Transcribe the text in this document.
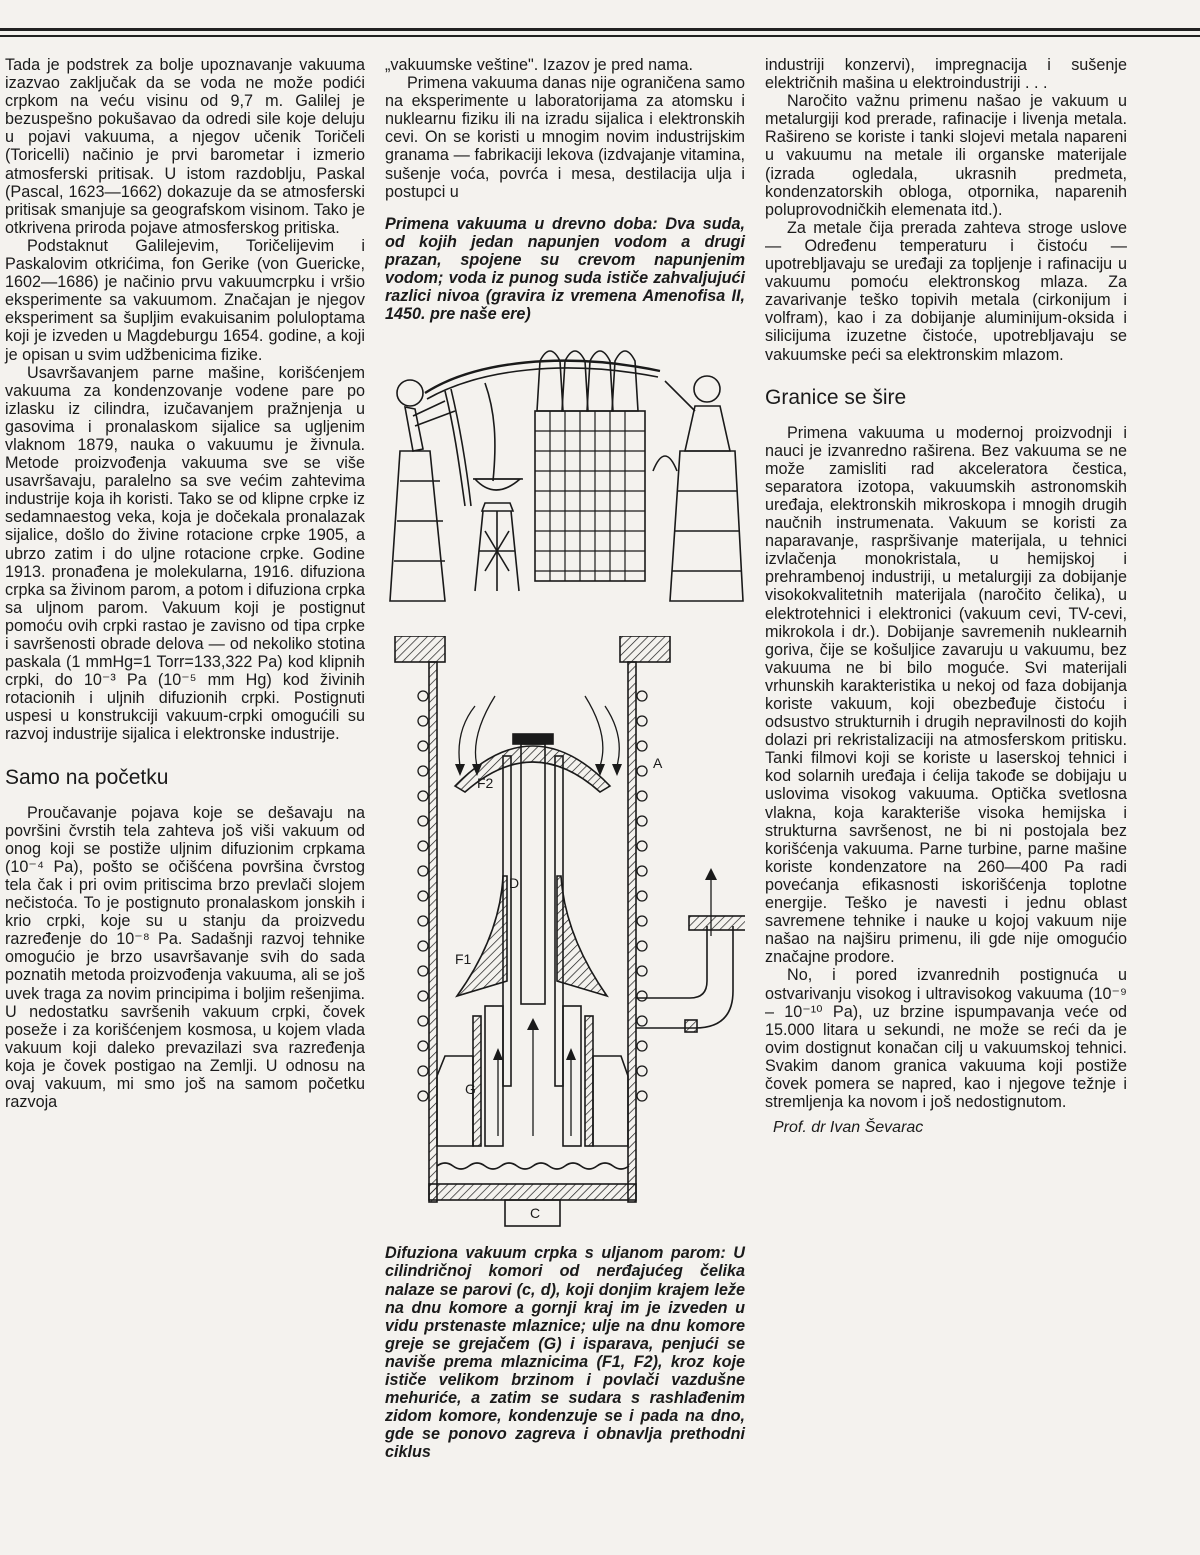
Tada je podstrek za bolje upoznavanje vakuuma izazvao zaključak da se voda ne može podići crpkom na veću visinu od 9,7 m. Galilej je bezuspešno pokušavao da odredi sile koje deluju u pojavi vakuuma, a njegov učenik Toričeli (Toricelli) načinio je prvi barometar i izmerio atmosferski pritisak. U istom razdoblju, Paskal (Pascal, 1623—1662) dokazuje da se atmosferski pritisak smanjuje sa geografskom visinom. Tako je otkrivena priroda pojave atmosferskog pritiska.

Podstaknut Galilejevim, Toričelijevim i Paskalovim otkrićima, fon Gerike (von Guericke, 1602—1686) je načinio prvu vakuumcrpku i vršio eksperimente sa vakuumom. Značajan je njegov eksperiment sa šupljim evakuisanim poluloptama koji je izveden u Magdeburgu 1654. godine, a koji je opisan u svim udžbenicima fizike.

Usavršavanjem parne mašine, korišćenjem vakuuma za kondenzovanje vodene pare po izlasku iz cilindra, izučavanjem pražnjenja u gasovima i pronalaskom sijalice sa ugljenim vlaknom 1879, nauka o vakuumu je živnula. Metode proizvođenja vakuuma sve se više usavršavaju, paralelno sa sve većim zahtevima industrije koja ih koristi. Tako se od klipne crpke iz sedamnaestog veka, koja je dočekala pronalazak sijalice, došlo do živine rotacione crpke 1905, a ubrzo zatim i do uljne rotacione crpke. Godine 1913. pronađena je molekularna, 1916. difuziona crpka sa živinom parom, a potom i difuziona crpka sa uljnom parom. Vakuum koji je postignut pomoću ovih crpki rastao je zavisno od tipa crpke i savršenosti obrade delova — od nekoliko stotina paskala (1 mmHg=1 Torr=133,322 Pa) kod klipnih crpki, do 10⁻³ Pa (10⁻⁵ mm Hg) kod živinih rotacionih i uljnih difuzionih crpki. Postignuti uspesi u konstrukciji vakuum-crpki omogućili su razvoj industrije sijalica i elektronske industrije.

Samo na početku

Proučavanje pojava koje se dešavaju na površini čvrstih tela zahteva još viši vakuum od onog koji se postiže uljnim difuzionim crpkama (10⁻⁴ Pa), pošto se očišćena površina čvrstog tela čak i pri ovim pritiscima brzo prevlači slojem nečistoća. To je postignuto pronalaskom jonskih i krio crpki, koje su u stanju da proizvedu razređenje do 10⁻⁸ Pa. Sadašnji razvoj tehnike omogućio je brzo usavršavanje svih do sada poznatih metoda proizvođenja vakuuma, ali se još uvek traga za novim principima i boljim rešenjima. U nedostatku savršenih vakuum crpki, čovek poseže i za korišćenjem kosmosa, u kojem vlada vakuum koji daleko prevazilazi sva razređenja koja je čovek postigao na Zemlji. U odnosu na ovaj vakuum, mi smo još na samom početku razvoja

„vakuumske veštine". Izazov je pred nama.

Primena vakuuma danas nije ograničena samo na eksperimente u laboratorijama za atomsku i nuklearnu fiziku ili na izradu sijalica i elektronskih cevi. On se koristi u mnogim novim industrijskim granama — fabrikaciji lekova (izdvajanje vitamina, sušenje voća, povrća i mesa, destilacija ulja i postupci u

Primena vakuuma u drevno doba: Dva suda, od kojih jedan napunjen vodom a drugi prazan, spojene su crevom napunjenim vodom; voda iz punog suda ističe zahvaljujući razlici nivoa (gravira iz vremena Amenofisa II, 1450. pre naše ere)

A
F2
D
F1
G
C

Difuziona vakuum crpka s uljanom parom: U cilindričnoj komori od nerđajućeg čelika nalaze se parovi (c, d), koji donjim krajem leže na dnu komore a gornji kraj im je izveden u vidu prstenaste mlaznice; ulje na dnu komore greje se grejačem (G) i isparava, penjući se naviše prema mlaznicima (F1, F2), kroz koje ističe velikom brzinom i povlači vazdušne mehuriće, a zatim se sudara s rashlađenim zidom komore, kondenzuje se i pada na dno, gde se ponovo zagreva i obnavlja prethodni ciklus

industriji konzervi), impregnacija i sušenje električnih mašina u elektroindustriji . . .

Naročito važnu primenu našao je vakuum u metalurgiji kod prerade, rafinacije i livenja metala. Rašireno se koriste i tanki slojevi metala napareni u vakuumu na metale ili organske materijale (izrada ogledala, ukrasnih predmeta, kondenzatorskih obloga, otpornika, naparenih poluprovodničkih elemenata itd.).

Za metale čija prerada zahteva stroge uslove — Određenu temperaturu i čistoću — upotrebljavaju se uređaji za topljenje i rafinaciju u vakuumu pomoću elektronskog mlaza. Za zavarivanje teško topivih metala (cirkonijum i volfram), kao i za dobijanje aluminijum-oksida i silicijuma izuzetne čistoće, upotrebljavaju se vakuumske peći sa elektronskim mlazom.

Granice se šire

Primena vakuuma u modernoj proizvodnji i nauci je izvanredno raširena. Bez vakuuma se ne može zamisliti rad akceleratora čestica, separatora izotopa, vakuumskih astronomskih uređaja, elektronskih mikroskopa i mnogih drugih naučnih instrumenata. Vakuum se koristi za naparavanje, raspršivanje materijala, u tehnici izvlačenja monokristala, u hemijskoj i prehrambenoj industriji, u metalurgiji za dobijanje visokokvalitetnih materijala (naročito čelika), u elektrotehnici i elektronici (vakuum cevi, TV-cevi, mikrokola i dr.). Dobijanje savremenih nuklearnih goriva, čije se košuljice zavaruju u vakuumu, bez vakuuma ne bi bilo moguće. Svi materijali vrhunskih karakteristika u nekoj od faza dobijanja koriste vakuum, koji obezbeđuje čistoću i odsustvo strukturnih i drugih nepravilnosti do kojih dolazi pri rekristalizaciji na atmosferskom pritisku. Tanki filmovi koji se koriste u laserskoj tehnici i kod solarnih uređaja i ćelija takođe se dobijaju u uslovima visokog vakuuma. Optička svetlosna vlakna, koja karakteriše visoka hemijska i strukturna savršenost, ne bi ni postojala bez korišćenja vakuuma. Parne turbine, parne mašine koriste kondenzatore na 260—400 Pa radi povećanja efikasnosti iskorišćenja toplotne energije. Teško je navesti i jednu oblast savremene tehnike i nauke u kojoj vakuum nije našao na najširu primenu, ili gde nije omogućio značajne prodore.

No, i pored izvanrednih postignuća u ostvarivanju visokog i ultravisokog vakuuma (10⁻⁹ – 10⁻¹⁰ Pa), uz brzine ispumpavanja veće od 15.000 litara u sekundi, ne može se reći da je ovim dostignut konačan cilj u vakuumskoj tehnici. Svakim danom granica vakuuma koji postiže čovek pomera se napred, kao i njegove težnje i stremljenja ka novom i još nedostignutom.

Prof. dr Ivan Ševarac
